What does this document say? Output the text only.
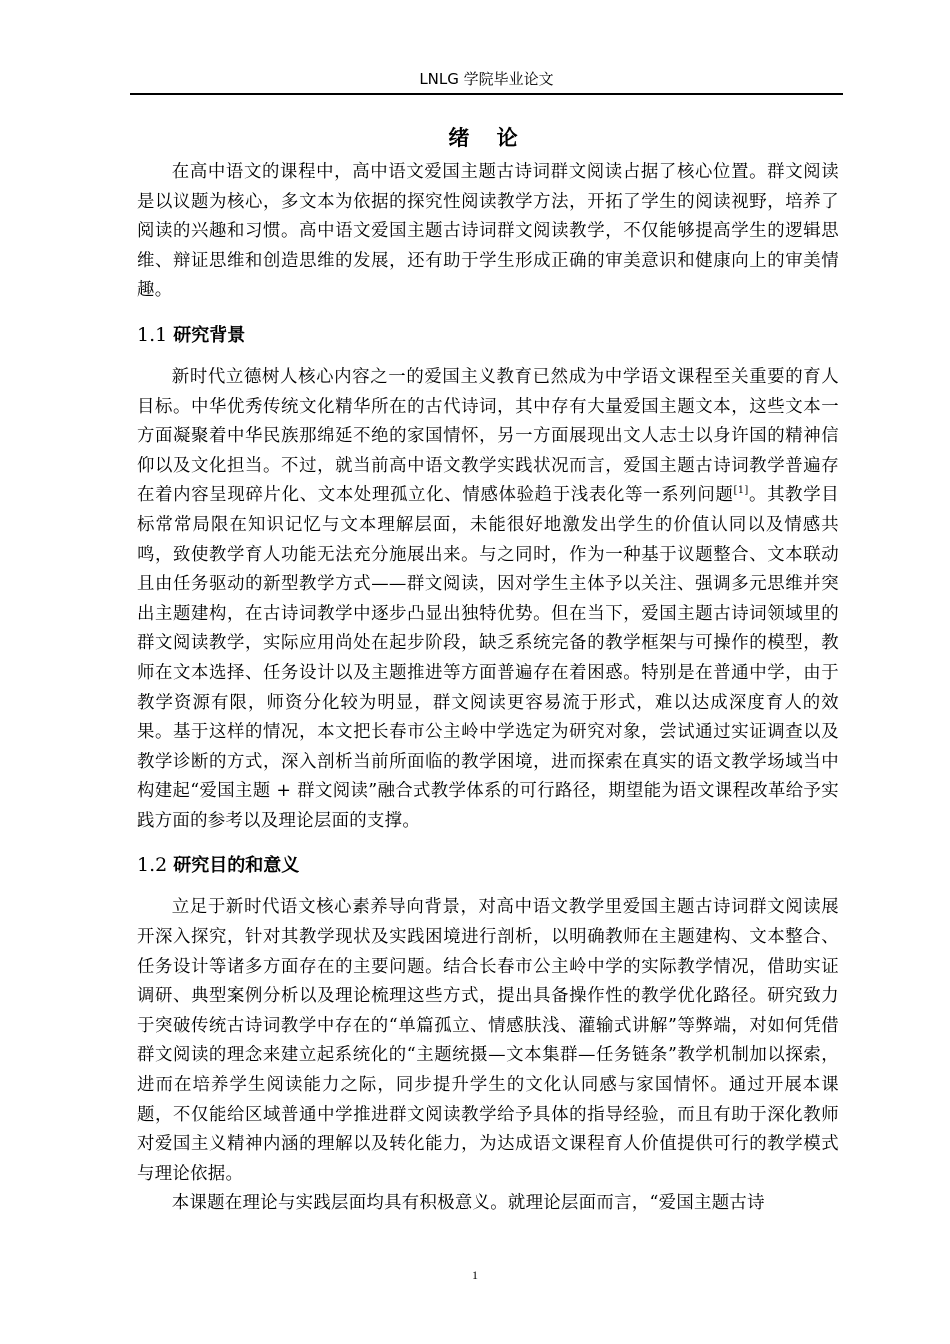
LNLG 学院毕业论文
绪 论

在高中语文的课程中，高中语文爱国主题古诗词群文阅读占据了核心位置。群文阅读是以议题为核心，多文本为依据的探究性阅读教学方法，开拓了学生的阅读视野，培养了阅读的兴趣和习惯。高中语文爱国主题古诗词群文阅读教学，不仅能够提高学生的逻辑思维、辩证思维和创造思维的发展，还有助于学生形成正确的审美意识和健康向上的审美情趣。

1.1 研究背景

新时代立德树人核心内容之一的爱国主义教育已然成为中学语文课程至关重要的育人目标。中华优秀传统文化精华所在的古代诗词，其中存有大量爱国主题文本，这些文本一方面凝聚着中华民族那绵延不绝的家国情怀，另一方面展现出文人志士以身许国的精神信仰以及文化担当。不过，就当前高中语文教学实践状况而言，爱国主题古诗词教学普遍存在着内容呈现碎片化、文本处理孤立化、情感体验趋于浅表化等一系列问题[1]。其教学目标常常局限在知识记忆与文本理解层面，未能很好地激发出学生的价值认同以及情感共鸣，致使教学育人功能无法充分施展出来。与之同时，作为一种基于议题整合、文本联动且由任务驱动的新型教学方式——群文阅读，因对学生主体予以关注、强调多元思维并突出主题建构，在古诗词教学中逐步凸显出独特优势。但在当下，爱国主题古诗词领域里的群文阅读教学，实际应用尚处在起步阶段，缺乏系统完备的教学框架与可操作的模型，教师在文本选择、任务设计以及主题推进等方面普遍存在着困惑。特别是在普通中学，由于教学资源有限，师资分化较为明显，群文阅读更容易流于形式，难以达成深度育人的效果。基于这样的情况，本文把长春市公主岭中学选定为研究对象，尝试通过实证调查以及教学诊断的方式，深入剖析当前所面临的教学困境，进而探索在真实的语文教学场域当中构建起“爱国主题 + 群文阅读”融合式教学体系的可行路径，期望能为语文课程改革给予实践方面的参考以及理论层面的支撑。

1.2 研究目的和意义

立足于新时代语文核心素养导向背景，对高中语文教学里爱国主题古诗词群文阅读展开深入探究，针对其教学现状及实践困境进行剖析，以明确教师在主题建构、文本整合、任务设计等诸多方面存在的主要问题。结合长春市公主岭中学的实际教学情况，借助实证调研、典型案例分析以及理论梳理这些方式，提出具备操作性的教学优化路径。研究致力于突破传统古诗词教学中存在的“单篇孤立、情感肤浅、灌输式讲解”等弊端，对如何凭借群文阅读的理念来建立起系统化的“主题统摄—文本集群—任务链条”教学机制加以探索，进而在培养学生阅读能力之际，同步提升学生的文化认同感与家国情怀。通过开展本课题，不仅能给区域普通中学推进群文阅读教学给予具体的指导经验，而且有助于深化教师对爱国主义精神内涵的理解以及转化能力，为达成语文课程育人价值提供可行的教学模式与理论依据。

本课题在理论与实践层面均具有积极意义。就理论层面而言，“爱国主题古诗

1
